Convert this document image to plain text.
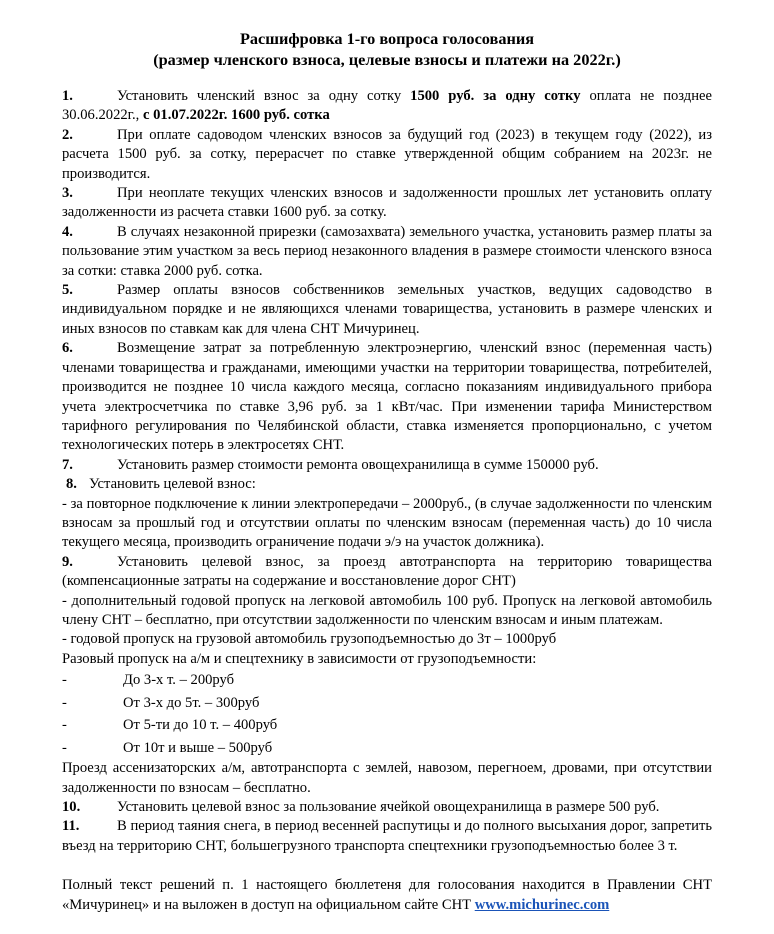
Расшифровка 1-го вопроса голосования
(размер членского взноса, целевые взносы и платежи на 2022г.)

1.	Установить членский взнос за одну сотку 1500 руб. за одну сотку оплата не позднее 30.06.2022г., с 01.07.2022г. 1600 руб. сотка

2.	При оплате садоводом членских взносов за будущий год (2023) в текущем году (2022), из расчета 1500 руб. за сотку, перерасчет по ставке утвержденной общим собранием на 2023г. не производится.

3.	При неоплате текущих членских взносов и задолженности прошлых лет установить оплату задолженности из расчета ставки 1600 руб. за сотку.

4.	В случаях незаконной прирезки (самозахвата) земельного участка, установить размер платы за пользование этим участком за весь период незаконного владения в размере стоимости членского взноса за сотки: ставка 2000 руб. сотка.

5.	Размер оплаты взносов собственников земельных участков, ведущих садоводство в индивидуальном порядке и не являющихся членами товарищества, установить в размере членских и иных взносов по ставкам как для члена СНТ Мичуринец.

6.	Возмещение затрат за потребленную электроэнергию, членский взнос (переменная часть) членами товарищества и гражданами, имеющими участки на территории товарищества, потребителей, производится не позднее 10 числа каждого месяца, согласно показаниям индивидуального прибора учета электросчетчика по ставке 3,96 руб. за 1 кВт/час. При изменении тарифа Министерством тарифного регулирования по Челябинской области, ставка изменяется пропорционально, с учетом технологических потерь в электросетях СНТ.

7.	Установить размер стоимости ремонта овощехранилища в сумме 150000 руб.

8. Установить целевой взнос:

- за повторное подключение к линии электропередачи – 2000руб., (в случае задолженности по членским взносам за прошлый год и отсутствии оплаты по членским взносам (переменная часть) до 10 числа текущего месяца, производить ограничение подачи э/э на участок должника).

9.	Установить целевой взнос, за проезд автотранспорта на территорию товарищества (компенсационные затраты на содержание и восстановление дорог СНТ)

- дополнительный годовой пропуск на легковой автомобиль 100 руб. Пропуск на легковой автомобиль члену СНТ – бесплатно, при отсутствии задолженности по членским взносам и иным платежам.

- годовой пропуск на грузовой автомобиль грузоподъемностью до 3т – 1000руб

Разовый пропуск на а/м и спецтехнику в зависимости от грузоподъемности:

-	До 3-х т. – 200руб
-	От 3-х до 5т. – 300руб
-	От 5-ти до 10 т. – 400руб
-	От 10т и выше – 500руб

Проезд ассенизаторских а/м, автотранспорта с землей, навозом, перегноем, дровами, при отсутствии задолженности по взносам – бесплатно.

10.	Установить целевой взнос за пользование ячейкой овощехранилища в размере 500 руб.

11.	В период таяния снега, в период весенней распутицы и до полного высыхания дорог, запретить въезд на территорию СНТ, большегрузного транспорта спецтехники грузоподъемностью более 3 т.

Полный текст решений п. 1 настоящего бюллетеня для голосования находится в Правлении СНТ «Мичуринец» и на выложен в доступ на официальном сайте СНТ www.michurinec.com
